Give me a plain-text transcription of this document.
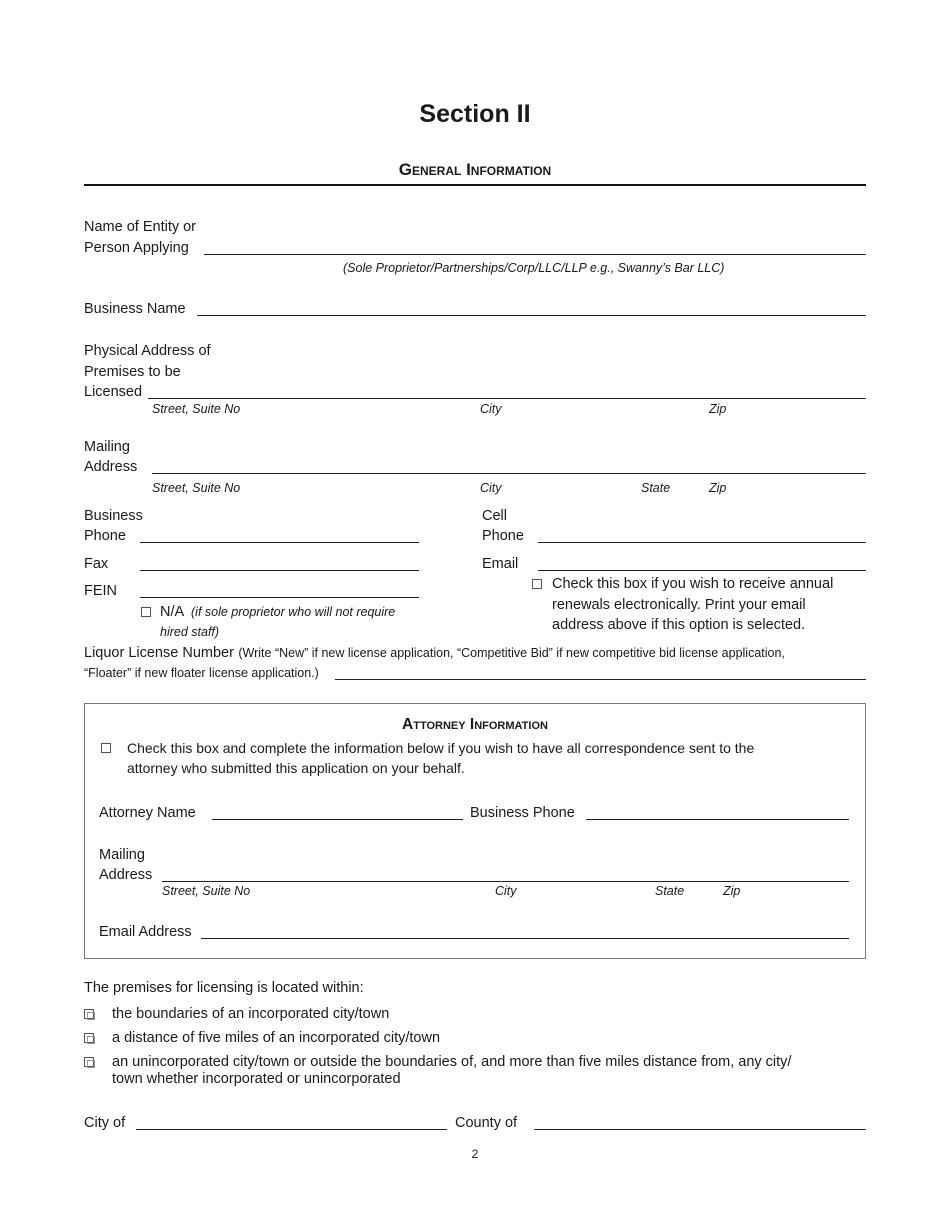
Section II
General Information
Name of Entity or
Person Applying
(Sole Proprietor/Partnerships/Corp/LLC/LLP e.g., Swanny’s Bar LLC)
Business Name
Physical Address of
Premises to be
Licensed
Street, Suite No	City	Zip
Mailing
Address
Street, Suite No	City	State	Zip
Business
Phone
Cell
Phone
Fax	Email
FEIN
N/A (if sole proprietor who will not require
hired staff)
Check this box if you wish to receive annual
renewals electronically. Print your email
address above if this option is selected.
Liquor License Number (Write “New” if new license application, “Competitive Bid” if new competitive bid license application,
“Floater” if new floater license application.)
Attorney Information
Check this box and complete the information below if you wish to have all correspondence sent to the
attorney who submitted this application on your behalf.
Attorney Name	Business Phone
Mailing
Address
Street, Suite No	City	State	Zip
Email Address
The premises for licensing is located within:
the boundaries of an incorporated city/town
a distance of five miles of an incorporated city/town
an unincorporated city/town or outside the boundaries of, and more than five miles distance from, any city/
town whether incorporated or unincorporated
City of	County of
2
